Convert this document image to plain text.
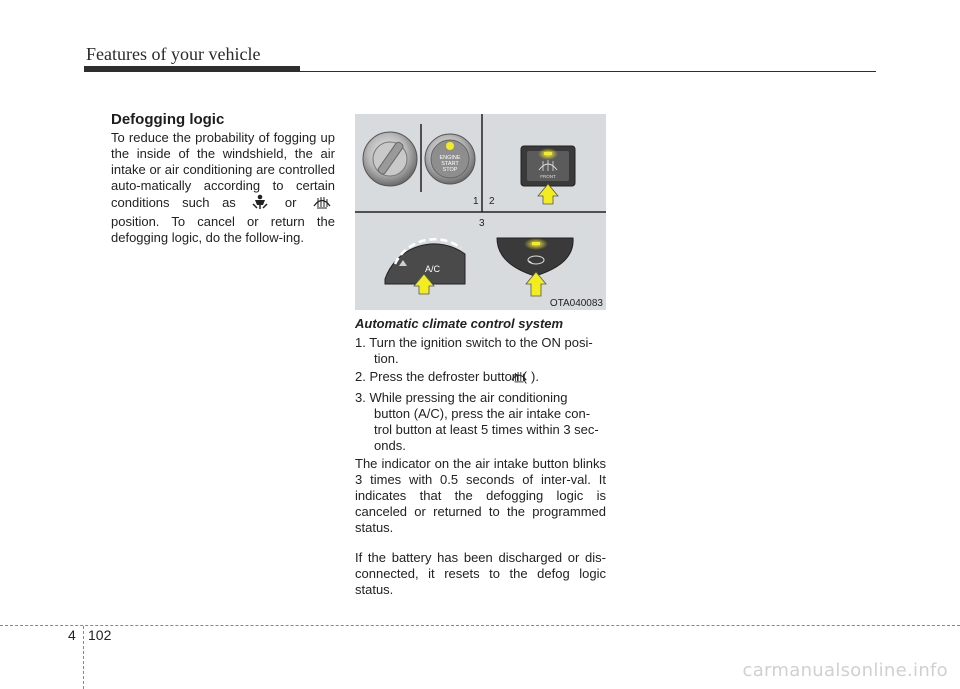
Features of your vehicle
Defogging logic
To reduce the probability of fogging up the inside of the windshield, the air intake or air conditioning are controlled auto-matically according to certain conditions such as	or  position. To cancel or return the defogging logic, do the follow-ing.
ENGINE
START
STOP
FRONT
1 2
3
A/C
OTA040083
Automatic climate control system

1. Turn the ignition switch to the ON posi-tion.

2. Press the defroster button ( ).

3. While pressing the air conditioning button (A/C), press the air intake con-trol button at least 5 times within 3 sec-onds.

The indicator on the air intake button blinks 3 times with 0.5 seconds of inter-val. It indicates that the defogging logic is canceled or returned to the programmed status.

If the battery has been discharged or dis-connected, it resets to the defog logic status.

4 102
carmanualsonline.info
